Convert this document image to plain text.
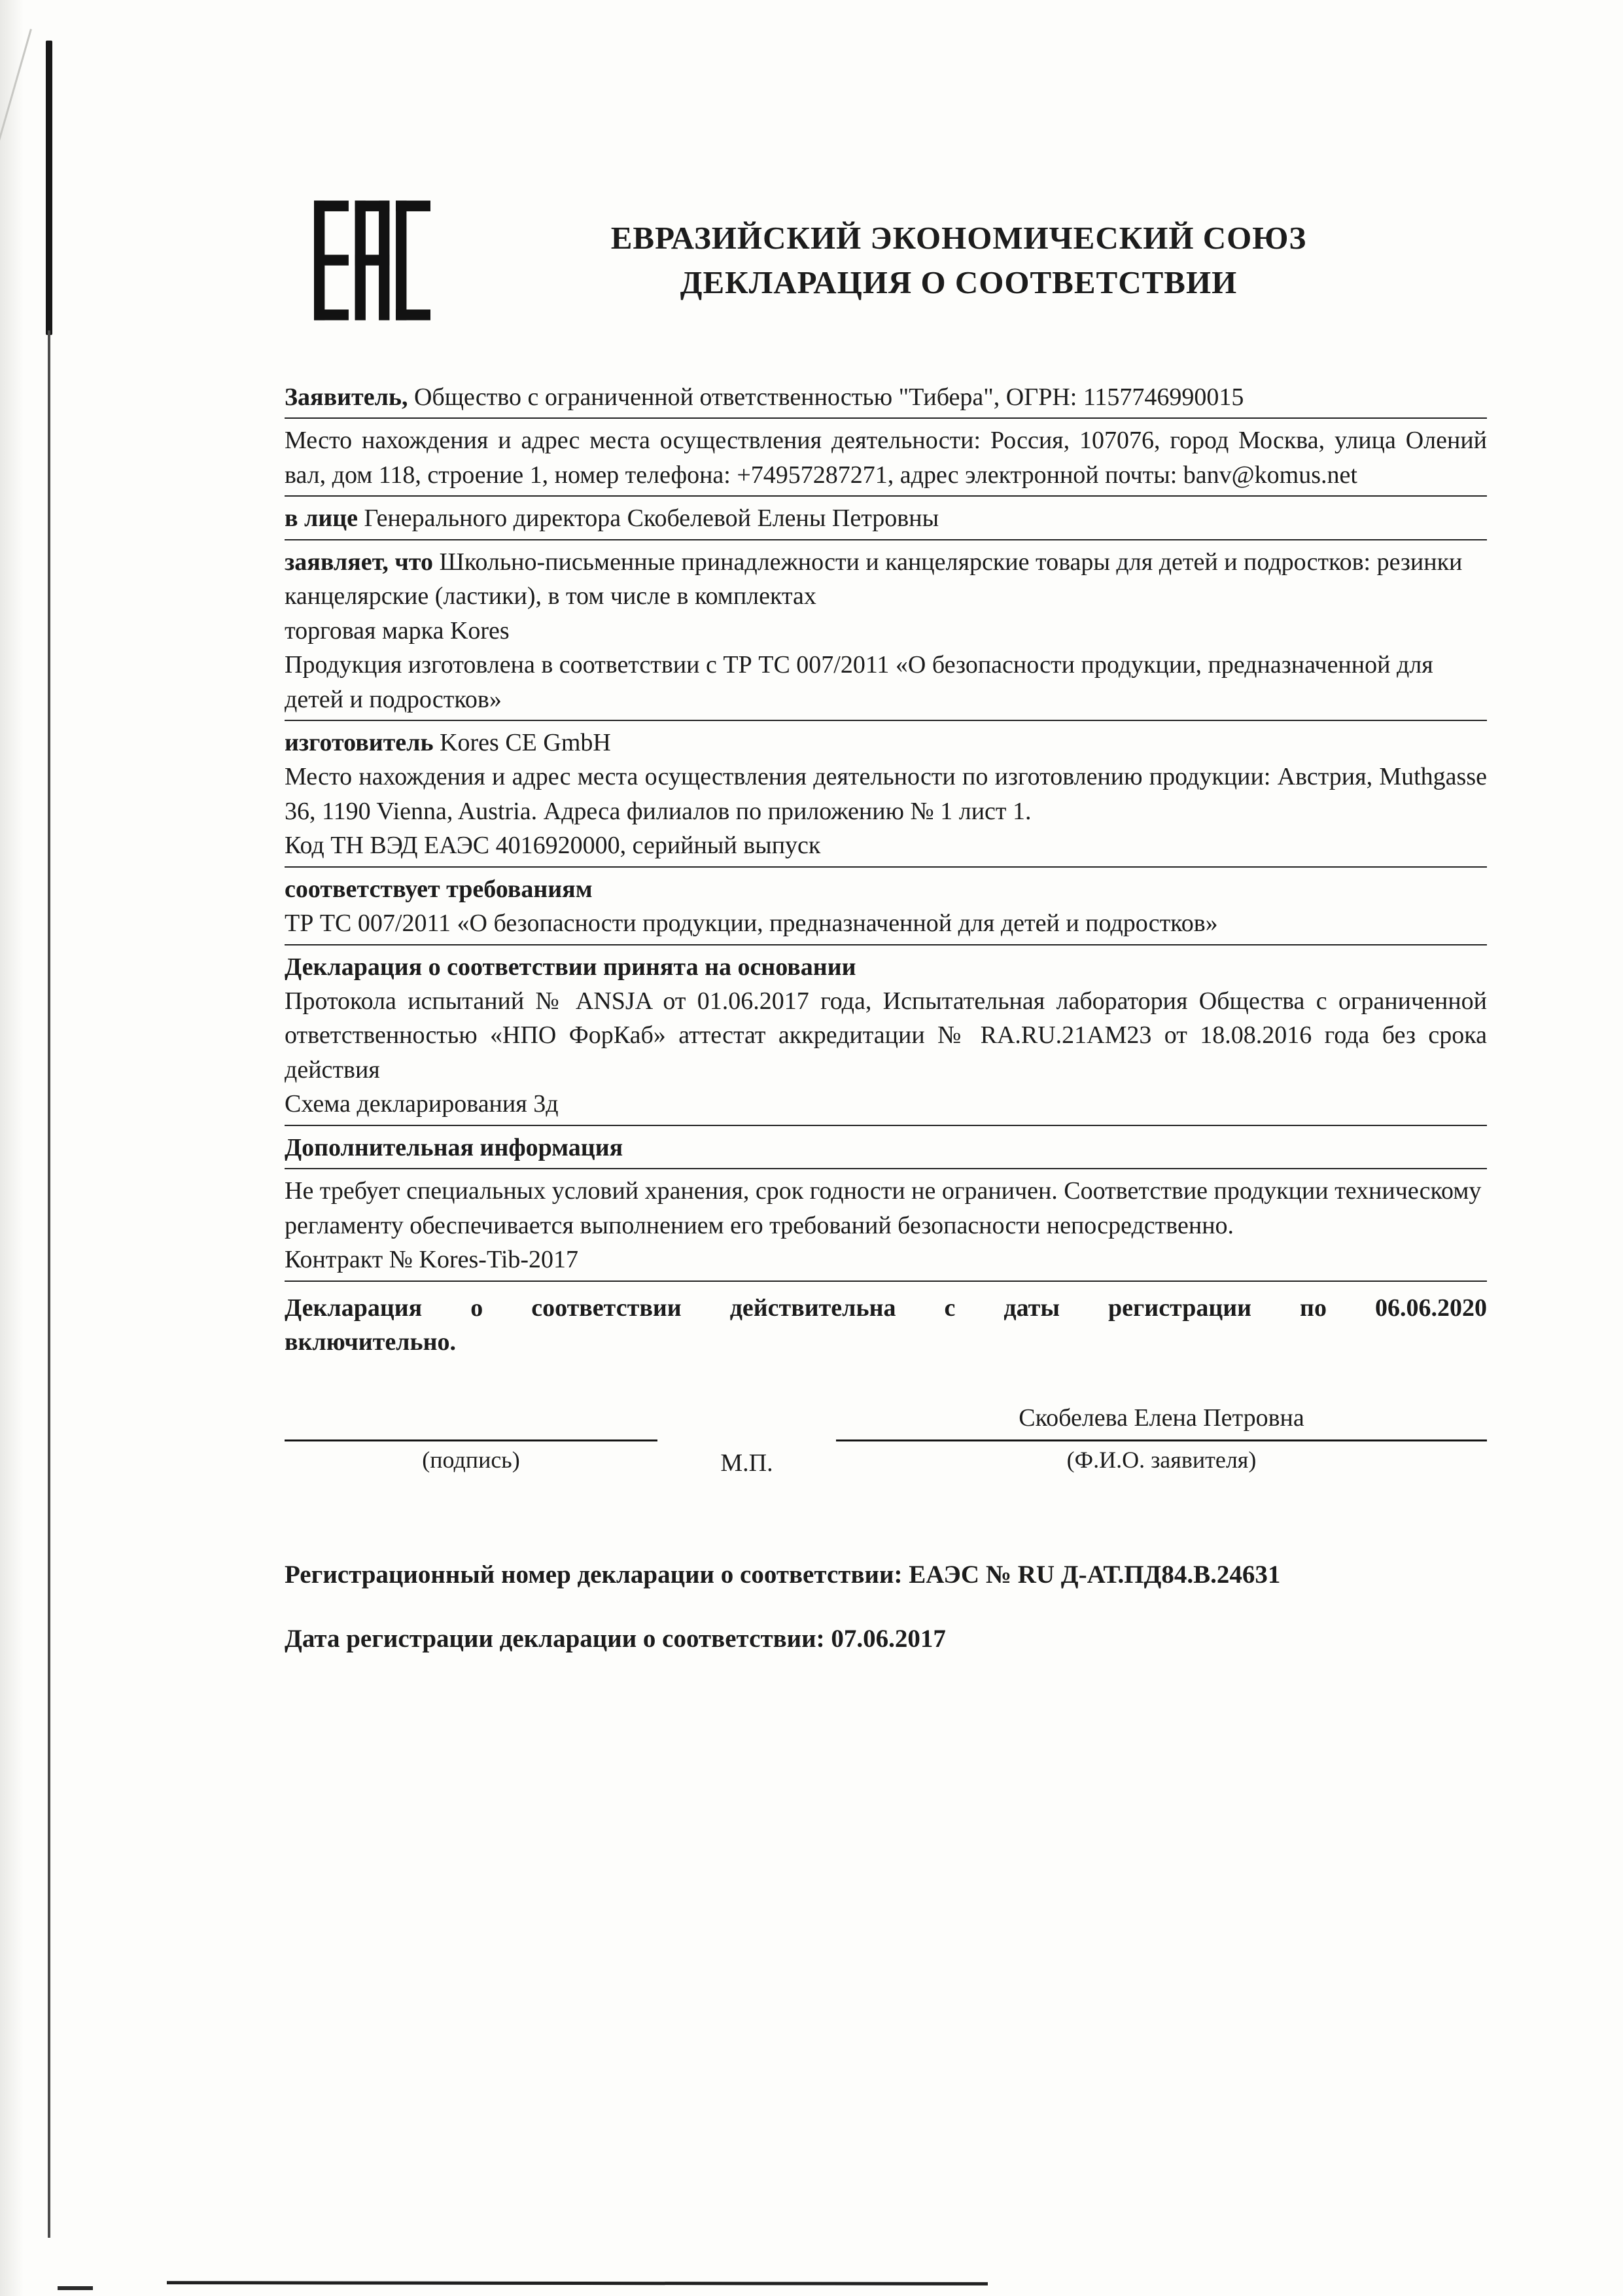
ЕВРАЗИЙСКИЙ ЭКОНОМИЧЕСКИЙ СОЮЗ
ДЕКЛАРАЦИЯ О СООТВЕТСТВИИ

Заявитель, Общество с ограниченной ответственностью "Тибера", ОГРН: 1157746990015

Место нахождения и адрес места осуществления деятельности: Россия, 107076, город Москва, улица Олений вал, дом 118, строение 1, номер телефона: +74957287271, адрес электронной почты: banv@komus.net

в лице Генерального директора Скобелевой Елены Петровны

заявляет, что Школьно-письменные принадлежности и канцелярские товары для детей и подростков: резинки канцелярские (ластики), в том числе в комплектах

торговая марка Kores

Продукция изготовлена в соответствии с ТР ТС 007/2011 «О безопасности продукции, предназначенной для детей и подростков»

изготовитель Kores CE GmbH

Место нахождения и адрес места осуществления деятельности по изготовлению продукции: Австрия, Muthgasse 36, 1190 Vienna, Austria. Адреса филиалов по приложению № 1 лист 1.

Код ТН ВЭД ЕАЭС 4016920000, серийный выпуск

соответствует требованиям

ТР ТС 007/2011 «О безопасности продукции, предназначенной для детей и подростков»

Декларация о соответствии принята на основании

Протокола испытаний № ANSJA от 01.06.2017 года, Испытательная лаборатория Общества с ограниченной ответственностью «НПО ФорКаб» аттестат аккредитации № RA.RU.21АМ23 от 18.08.2016 года без срока действия

Схема декларирования 3д

Дополнительная информация

Не требует специальных условий хранения, срок годности не ограничен. Соответствие продукции техническому регламенту обеспечивается выполнением его требований безопасности непосредственно.

Контракт № Kores-Tib-2017

Декларация о соответствии действительна с даты регистрации по 06.06.2020

включительно.

Скобелева Елена Петровна
(подпись)	М.П.	(Ф.И.О. заявителя)

Регистрационный номер декларации о соответствии: ЕАЭС № RU Д-АТ.ПД84.В.24631

Дата регистрации декларации о соответствии: 07.06.2017
